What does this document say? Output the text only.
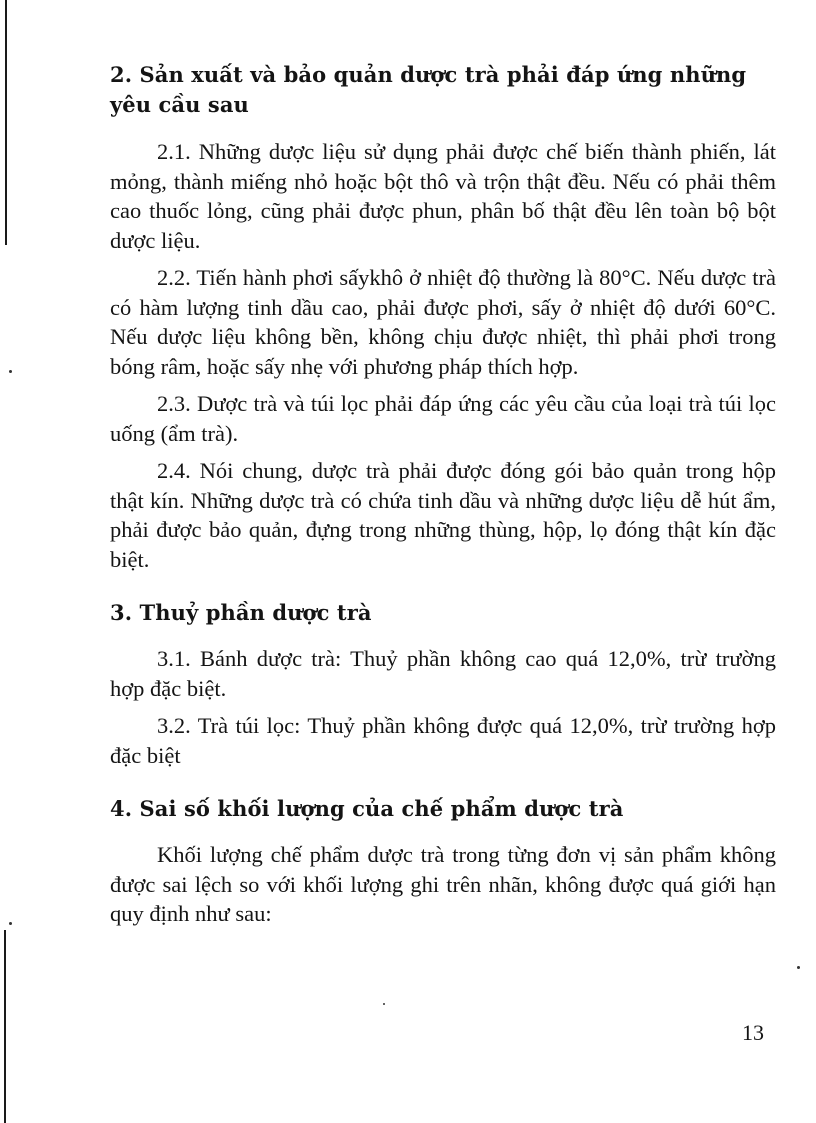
2. Sản xuất và bảo quản dược trà phải đáp ứng những yêu cầu sau

2.1. Những dược liệu sử dụng phải được chế biến thành phiến, lát mỏng, thành miếng nhỏ hoặc bột thô và trộn thật đều. Nếu có phải thêm cao thuốc lỏng, cũng phải được phun, phân bố thật đều lên toàn bộ bột dược liệu.

2.2. Tiến hành phơi sấykhô ở nhiệt độ thường là 80°C. Nếu dược trà có hàm lượng tinh dầu cao, phải được phơi, sấy ở nhiệt độ dưới 60°C. Nếu dược liệu không bền, không chịu được nhiệt, thì phải phơi trong bóng râm, hoặc sấy nhẹ với phương pháp thích hợp.

2.3. Dược trà và túi lọc phải đáp ứng các yêu cầu của loại trà túi lọc uống (ẩm trà).

2.4. Nói chung, dược trà phải được đóng gói bảo quản trong hộp thật kín. Những dược trà có chứa tinh dầu và những dược liệu dễ hút ẩm, phải được bảo quản, đựng trong những thùng, hộp, lọ đóng thật kín đặc biệt.

3. Thuỷ phần dược trà

3.1. Bánh dược trà: Thuỷ phần không cao quá 12,0%, trừ trường hợp đặc biệt.

3.2. Trà túi lọc: Thuỷ phần không được quá 12,0%, trừ trường hợp đặc biệt

4. Sai số khối lượng của chế phẩm dược trà

Khối lượng chế phẩm dược trà trong từng đơn vị sản phẩm không được sai lệch so với khối lượng ghi trên nhãn, không được quá giới hạn quy định như sau:

13
